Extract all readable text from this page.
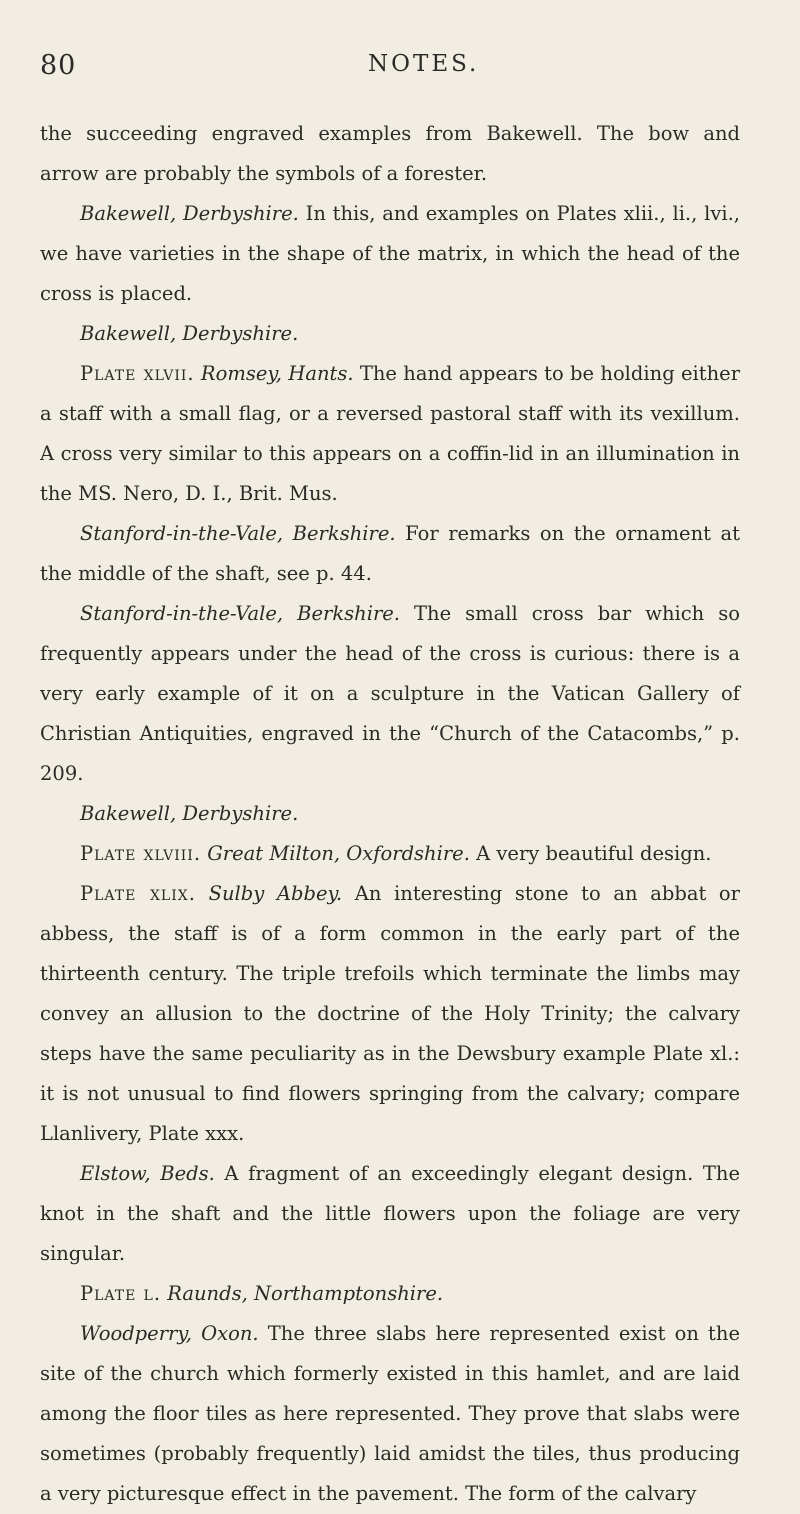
80	NOTES.

the succeeding engraved examples from Bakewell. The bow and arrow are probably the symbols of a forester.

Bakewell, Derbyshire. In this, and examples on Plates xlii., li., lvi., we have varieties in the shape of the matrix, in which the head of the cross is placed.

Bakewell, Derbyshire.

Plate xlvii. Romsey, Hants. The hand appears to be holding either a staff with a small flag, or a reversed pastoral staff with its vexillum. A cross very similar to this appears on a coffin-lid in an illumination in the MS. Nero, D. I., Brit. Mus.

Stanford-in-the-Vale, Berkshire. For remarks on the ornament at the middle of the shaft, see p. 44.

Stanford-in-the-Vale, Berkshire. The small cross bar which so frequently appears under the head of the cross is curious: there is a very early example of it on a sculpture in the Vatican Gallery of Christian Antiquities, engraved in the “Church of the Catacombs,” p. 209.

Bakewell, Derbyshire.

Plate xlviii. Great Milton, Oxfordshire. A very beautiful design.

Plate xlix. Sulby Abbey. An interesting stone to an abbat or abbess, the staff is of a form common in the early part of the thirteenth century. The triple trefoils which terminate the limbs may convey an allusion to the doctrine of the Holy Trinity; the calvary steps have the same peculiarity as in the Dewsbury example Plate xl.: it is not unusual to find flowers springing from the calvary; compare Llanlivery, Plate xxx.

Elstow, Beds. A fragment of an exceedingly elegant design. The knot in the shaft and the little flowers upon the foliage are very singular.

Plate l. Raunds, Northamptonshire.

Woodperry, Oxon. The three slabs here represented exist on the site of the church which formerly existed in this hamlet, and are laid among the floor tiles as here represented. They prove that slabs were sometimes (probably frequently) laid amidst the tiles, thus producing a very picturesque effect in the pavement. The form of the calvary
